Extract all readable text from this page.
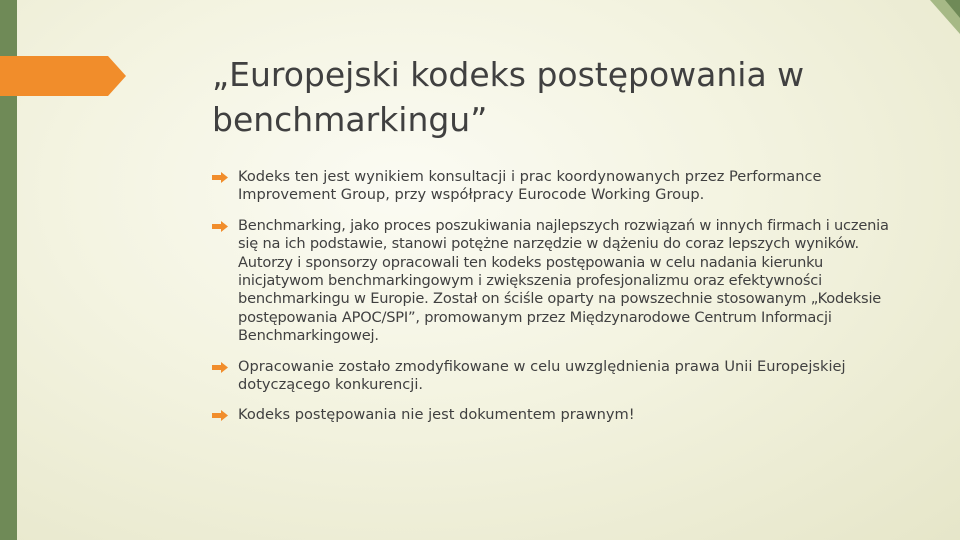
„Europejski kodeks postępowania w benchmarkingu”
Kodeks ten jest wynikiem konsultacji i prac koordynowanych przez Performance Improvement Group, przy współpracy Eurocode Working Group.
Benchmarking, jako proces poszukiwania najlepszych rozwiązań w innych firmach i uczenia się na ich podstawie, stanowi potężne narzędzie w dążeniu do coraz lepszych wyników. Autorzy i sponsorzy opracowali ten kodeks postępowania w celu nadania kierunku inicjatywom benchmarkingowym i zwiększenia profesjonalizmu oraz efektywności benchmarkingu w Europie. Został on ściśle oparty na powszechnie stosowanym „Kodeksie postępowania APOC/SPI”, promowanym przez Międzynarodowe Centrum Informacji Benchmarkingowej.
Opracowanie zostało zmodyfikowane w celu uwzględnienia prawa Unii Europejskiej dotyczącego konkurencji.
Kodeks postępowania nie jest dokumentem prawnym!
